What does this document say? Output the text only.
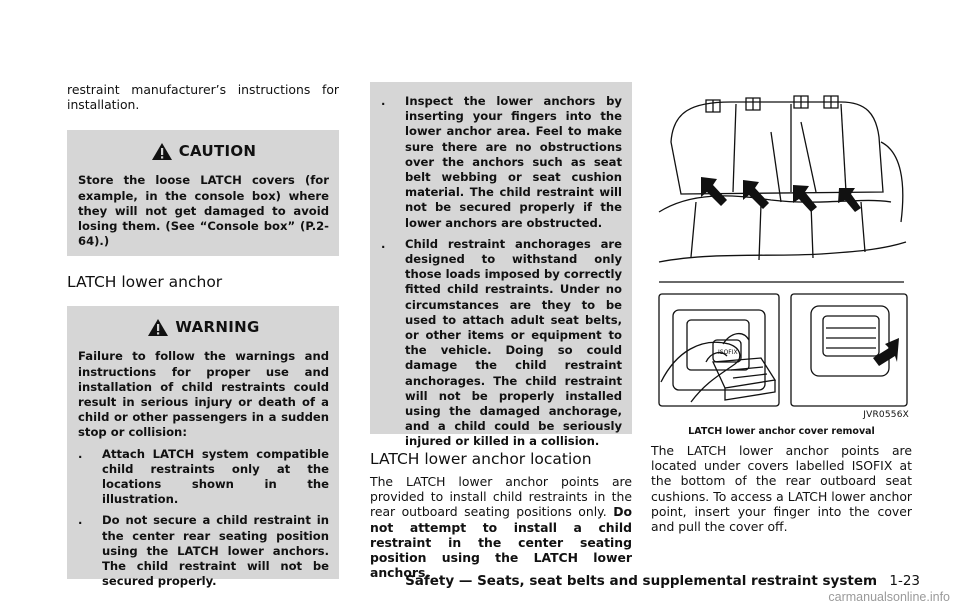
restraint manufacturer’s instructions for installation.

CAUTION

Store the loose LATCH covers (for example, in the console box) where they will not get damaged to avoid losing them. (See “Console box” (P.2-64).)

LATCH lower anchor
WARNING

Failure to follow the warnings and instructions for proper use and installation of child restraints could result in serious injury or death of a child or other passengers in a sudden stop or collision:

.	Attach LATCH system compatible child restraints only at the locations shown in the illustration.
.	Do not secure a child restraint in the center rear seating position using the LATCH lower anchors. The child restraint will not be secured properly.
.	Inspect the lower anchors by inserting your fingers into the lower anchor area. Feel to make sure there are no obstructions over the anchors such as seat belt webbing or seat cushion material. The child restraint will not be secured properly if the lower anchors are obstructed.
.	Child restraint anchorages are designed to withstand only those loads imposed by correctly fitted child restraints. Under no circumstances are they to be used to attach adult seat belts, or other items or equipment to the vehicle. Doing so could damage the child restraint anchorages. The child restraint will not be properly installed using the damaged anchorage, and a child could be seriously injured or killed in a collision.
LATCH lower anchor location

The LATCH lower anchor points are provided to install child restraints in the rear outboard seating positions only. Do not attempt to install a child restraint in the center seating position using the LATCH lower anchors.

ISOFIX
JVR0556X
LATCH lower anchor cover removal

The LATCH lower anchor points are located under covers labelled ISOFIX at the bottom of the rear outboard seat cushions. To access a LATCH lower anchor point, insert your finger into the cover and pull the cover off.

Safety — Seats, seat belts and supplemental restraint system 1-23
carmanualsonline.info
